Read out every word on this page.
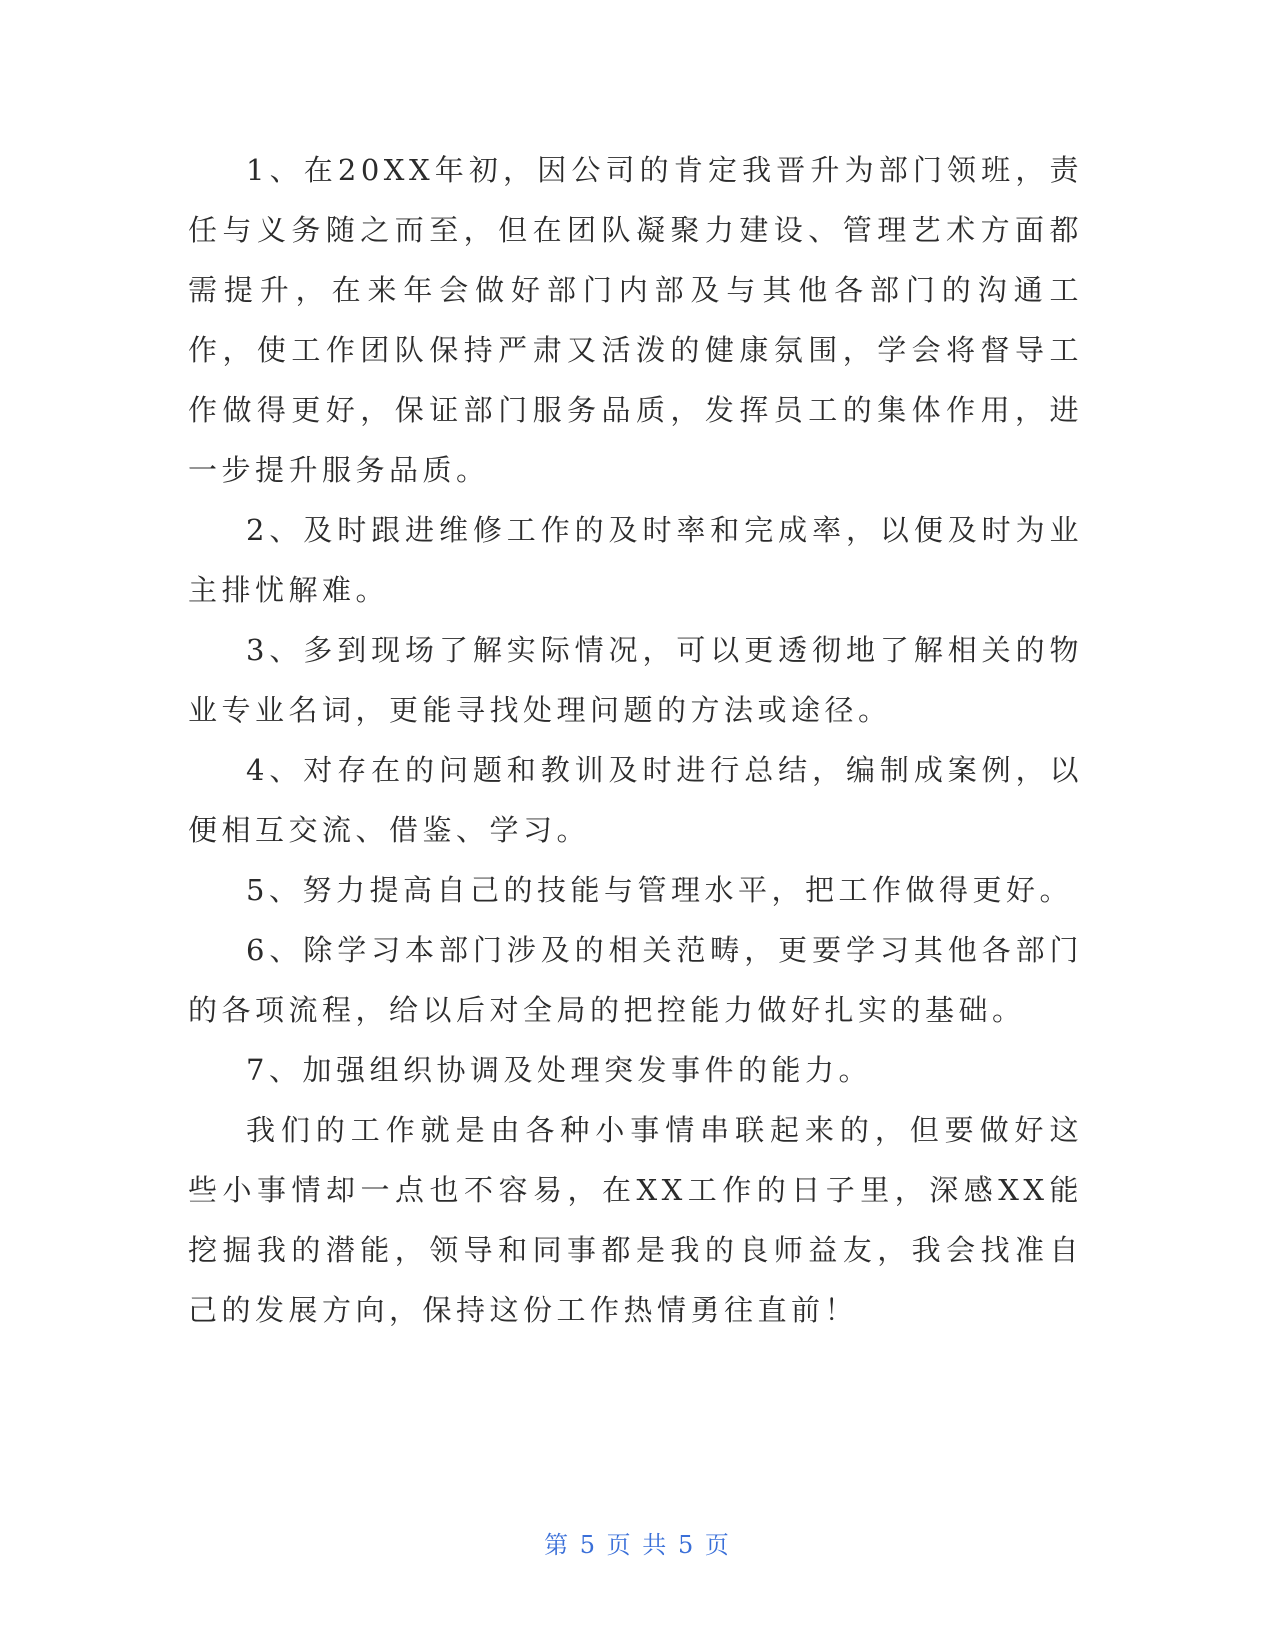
1、在20XX年初，因公司的肯定我晋升为部门领班，责任与义务随之而至，但在团队凝聚力建设、管理艺术方面都需提升，在来年会做好部门内部及与其他各部门的沟通工作，使工作团队保持严肃又活泼的健康氛围，学会将督导工作做得更好，保证部门服务品质，发挥员工的集体作用，进一步提升服务品质。

2、及时跟进维修工作的及时率和完成率，以便及时为业主排忧解难。

3、多到现场了解实际情况，可以更透彻地了解相关的物业专业名词，更能寻找处理问题的方法或途径。

4、对存在的问题和教训及时进行总结，编制成案例，以便相互交流、借鉴、学习。

5、努力提高自己的技能与管理水平，把工作做得更好。

6、除学习本部门涉及的相关范畴，更要学习其他各部门的各项流程，给以后对全局的把控能力做好扎实的基础。

7、加强组织协调及处理突发事件的能力。

我们的工作就是由各种小事情串联起来的，但要做好这些小事情却一点也不容易，在XX工作的日子里，深感XX能挖掘我的潜能，领导和同事都是我的良师益友，我会找准自己的发展方向，保持这份工作热情勇往直前！

第 5 页 共 5 页
